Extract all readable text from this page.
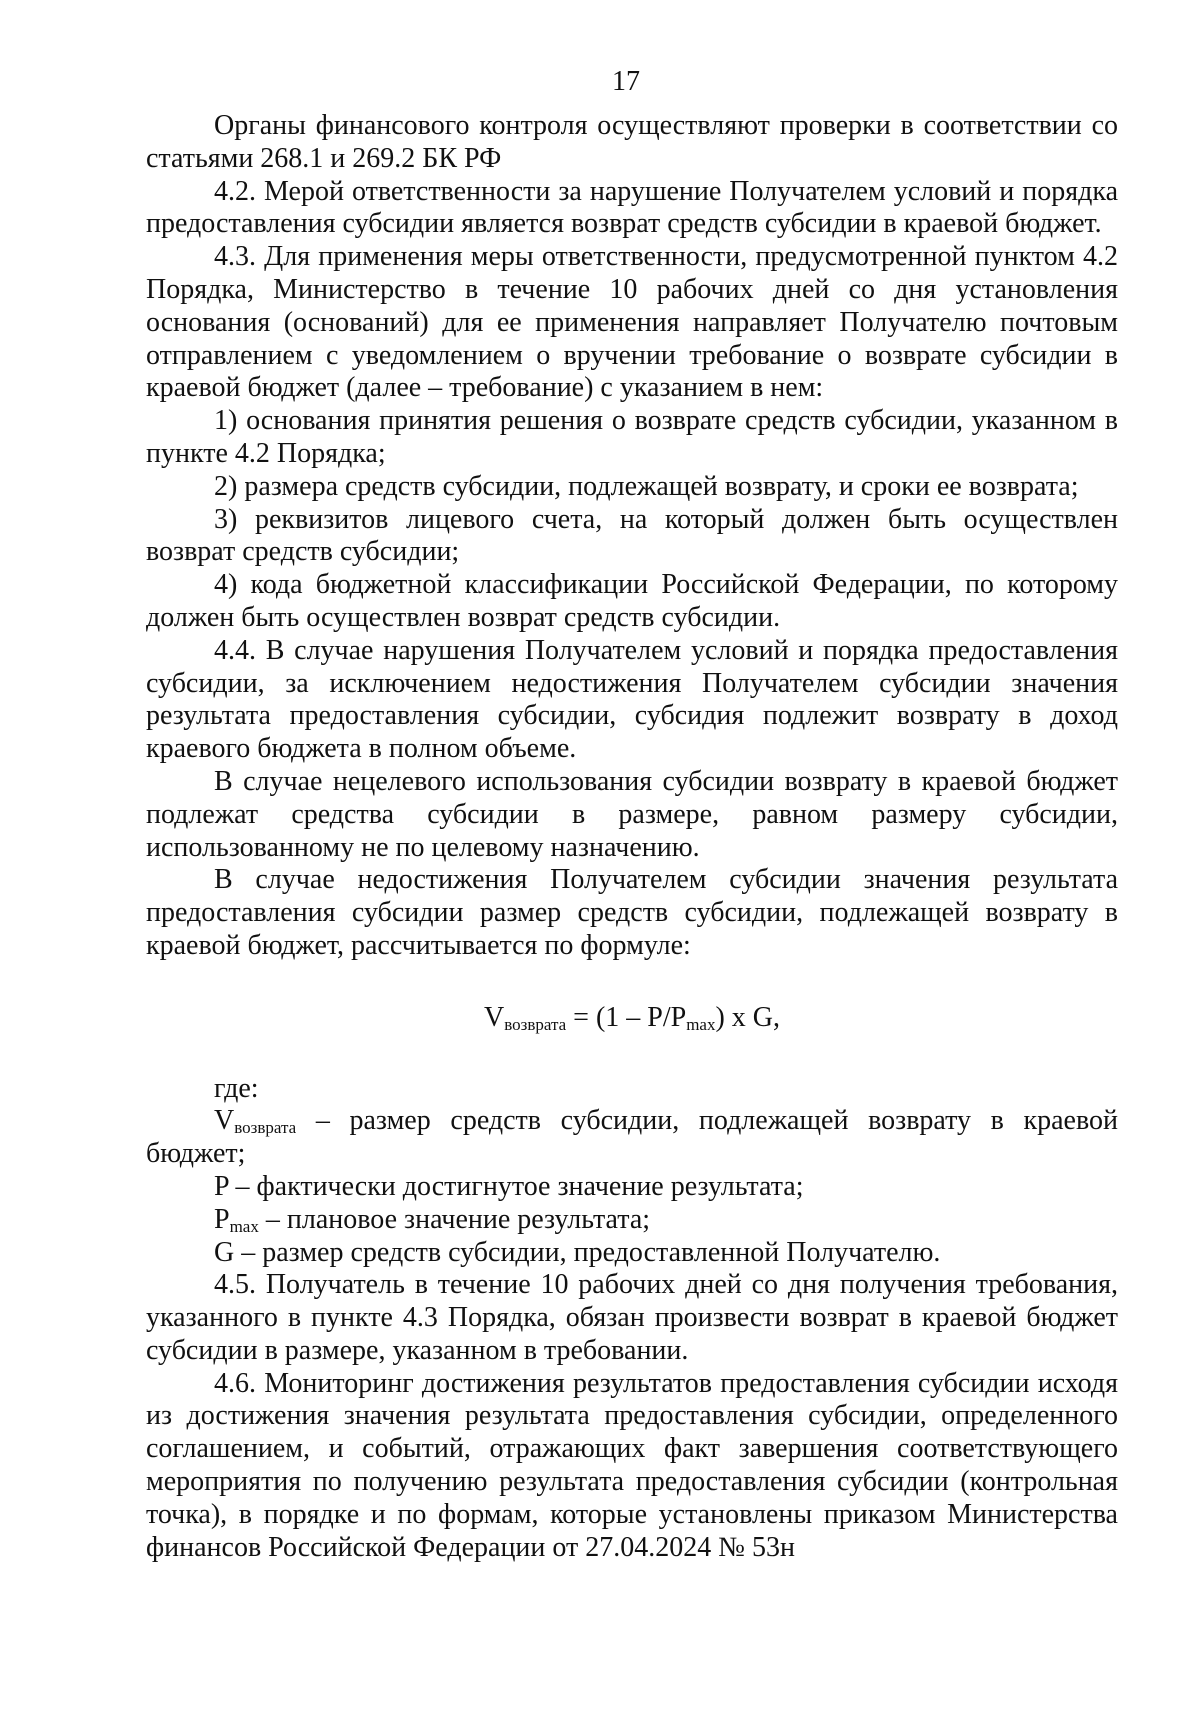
17

Органы финансового контроля осуществляют проверки в соответствии со статьями 268.1 и 269.2 БК РФ

4.2. Мерой ответственности за нарушение Получателем условий и порядка предоставления субсидии является возврат средств субсидии в краевой бюджет.

4.3. Для применения меры ответственности, предусмотренной пунктом 4.2 Порядка, Министерство в течение 10 рабочих дней со дня установления основания (оснований) для ее применения направляет Получателю почтовым отправлением с уведомлением о вручении требование о возврате субсидии в краевой бюджет (далее – требование) с указанием в нем:

1) основания принятия решения о возврате средств субсидии, указанном в пункте 4.2 Порядка;

2) размера средств субсидии, подлежащей возврату, и сроки ее возврата;

3) реквизитов лицевого счета, на который должен быть осуществлен возврат средств субсидии;

4) кода бюджетной классификации Российской Федерации, по которому должен быть осуществлен возврат средств субсидии.

4.4. В случае нарушения Получателем условий и порядка предоставления субсидии, за исключением недостижения Получателем субсидии значения результата предоставления субсидии, субсидия подлежит возврату в доход краевого бюджета в полном объеме.

В случае нецелевого использования субсидии возврату в краевой бюджет подлежат средства субсидии в размере, равном размеру субсидии, использованному не по целевому назначению.

В случае недостижения Получателем субсидии значения результата предоставления субсидии размер средств субсидии, подлежащей возврату в краевой бюджет, рассчитывается по формуле:

$V_{возврата} = (1 - P/P_{max})$ x G,

где:

$V_{возврата}$ – размер средств субсидии, подлежащей возврату в краевой бюджет;

P – фактически достигнутое значение результата;

$P_{max}$ – плановое значение результата;

G – размер средств субсидии, предоставленной Получателю.

4.5. Получатель в течение 10 рабочих дней со дня получения требования, указанного в пункте 4.3 Порядка, обязан произвести возврат в краевой бюджет субсидии в размере, указанном в требовании.

4.6. Мониторинг достижения результатов предоставления субсидии исходя из достижения значения результата предоставления субсидии, определенного соглашением, и событий, отражающих факт завершения соответствующего мероприятия по получению результата предоставления субсидии (контрольная точка), в порядке и по формам, которые установлены приказом Министерства финансов Российской Федерации от 27.04.2024 № 53н
